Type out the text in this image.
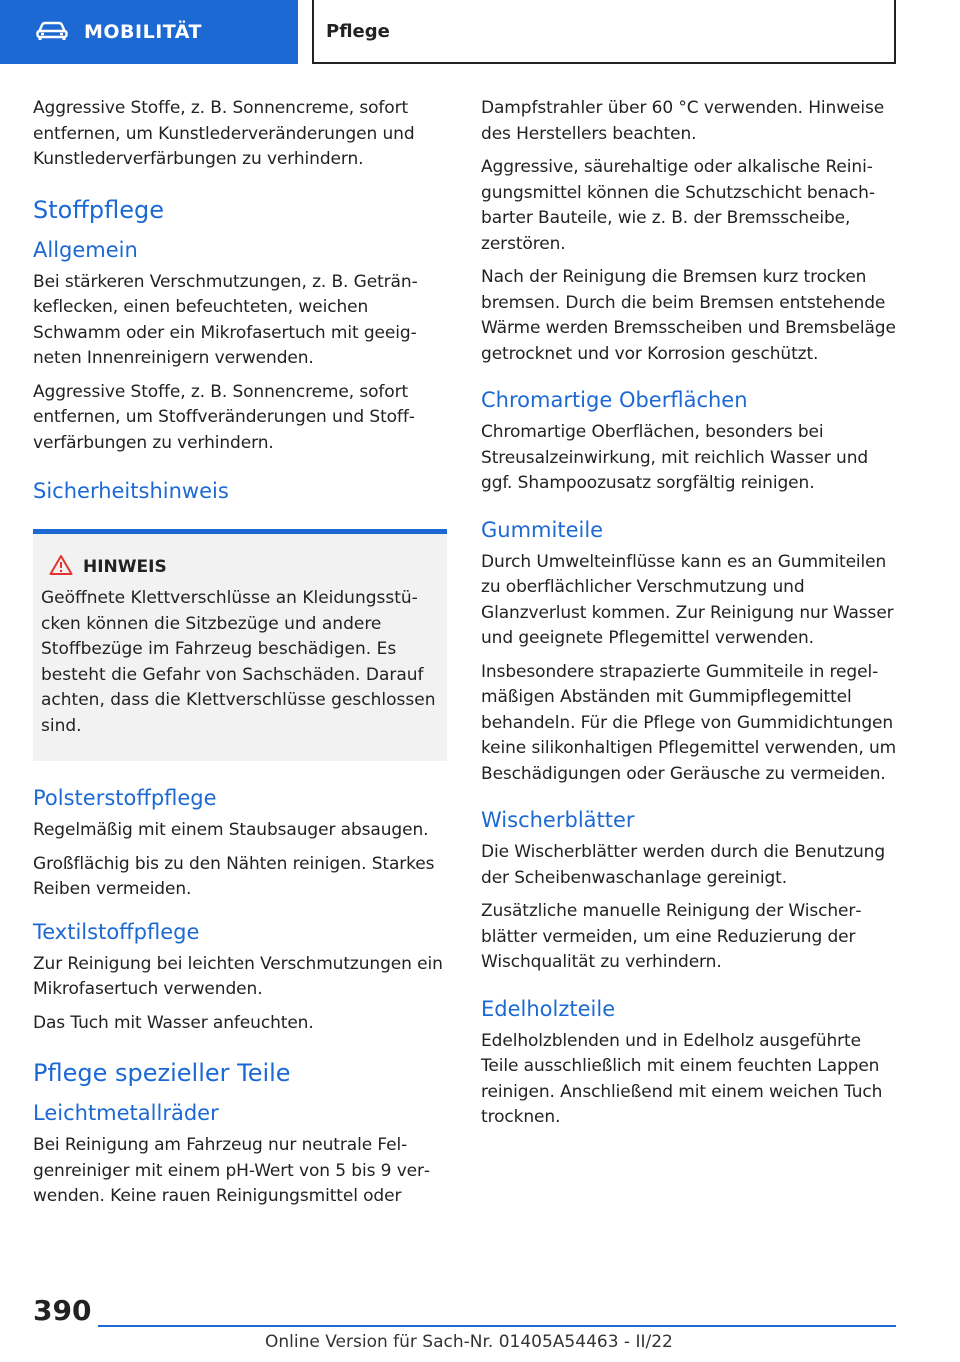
MOBILITÄT	Pflege

Aggressive Stoffe, z. B. Sonnencreme, sofort entfernen, um Kunstlederveränderungen und Kunstlederverfärbungen zu verhindern.

Stoffpflege
Allgemein

Bei stärkeren Verschmutzungen, z. B. Getränkeflecken, einen befeuchteten, weichen Schwamm oder ein Mikrofasertuch mit geeigneten Innenreinigern verwenden.

Aggressive Stoffe, z. B. Sonnencreme, sofort entfernen, um Stoffveränderungen und Stoffverfärbungen zu verhindern.

Sicherheitshinweis
HINWEIS

Geöffnete Klettverschlüsse an Kleidungsstücken können die Sitzbezüge und andere Stoffbezüge im Fahrzeug beschädigen. Es besteht die Gefahr von Sachschäden. Darauf achten, dass die Klettverschlüsse geschlossen sind.

Polsterstoffpflege

Regelmäßig mit einem Staubsauger absaugen.

Großflächig bis zu den Nähten reinigen. Starkes Reiben vermeiden.

Textilstoffpflege

Zur Reinigung bei leichten Verschmutzungen ein Mikrofasertuch verwenden.

Das Tuch mit Wasser anfeuchten.

Pflege spezieller Teile
Leichtmetallräder

Bei Reinigung am Fahrzeug nur neutrale Felgenreiniger mit einem pH-Wert von 5 bis 9 verwenden. Keine rauen Reinigungsmittel oder

Dampfstrahler über 60 °C verwenden. Hinweise des Herstellers beachten.

Aggressive, säurehaltige oder alkalische Reinigungsmittel können die Schutzschicht benachbarter Bauteile, wie z. B. der Bremsscheibe, zerstören.

Nach der Reinigung die Bremsen kurz trocken bremsen. Durch die beim Bremsen entstehende Wärme werden Bremsscheiben und Bremsbeläge getrocknet und vor Korrosion geschützt.

Chromartige Oberflächen

Chromartige Oberflächen, besonders bei Streusalzeinwirkung, mit reichlich Wasser und ggf. Shampoozusatz sorgfältig reinigen.

Gummiteile

Durch Umwelteinflüsse kann es an Gummiteilen zu oberflächlicher Verschmutzung und Glanzverlust kommen. Zur Reinigung nur Wasser und geeignete Pflegemittel verwenden.

Insbesondere strapazierte Gummiteile in regelmäßigen Abständen mit Gummipflegemittel behandeln. Für die Pflege von Gummidichtungen keine silikonhaltigen Pflegemittel verwenden, um Beschädigungen oder Geräusche zu vermeiden.

Wischerblätter

Die Wischerblätter werden durch die Benutzung der Scheibenwaschanlage gereinigt.

Zusätzliche manuelle Reinigung der Wischerblätter vermeiden, um eine Reduzierung der Wischqualität zu verhindern.

Edelholzteile

Edelholzblenden und in Edelholz ausgeführte Teile ausschließlich mit einem feuchten Lappen reinigen. Anschließend mit einem weichen Tuch trocknen.

390
Online Version für Sach-Nr. 01405A54463 - II/22
